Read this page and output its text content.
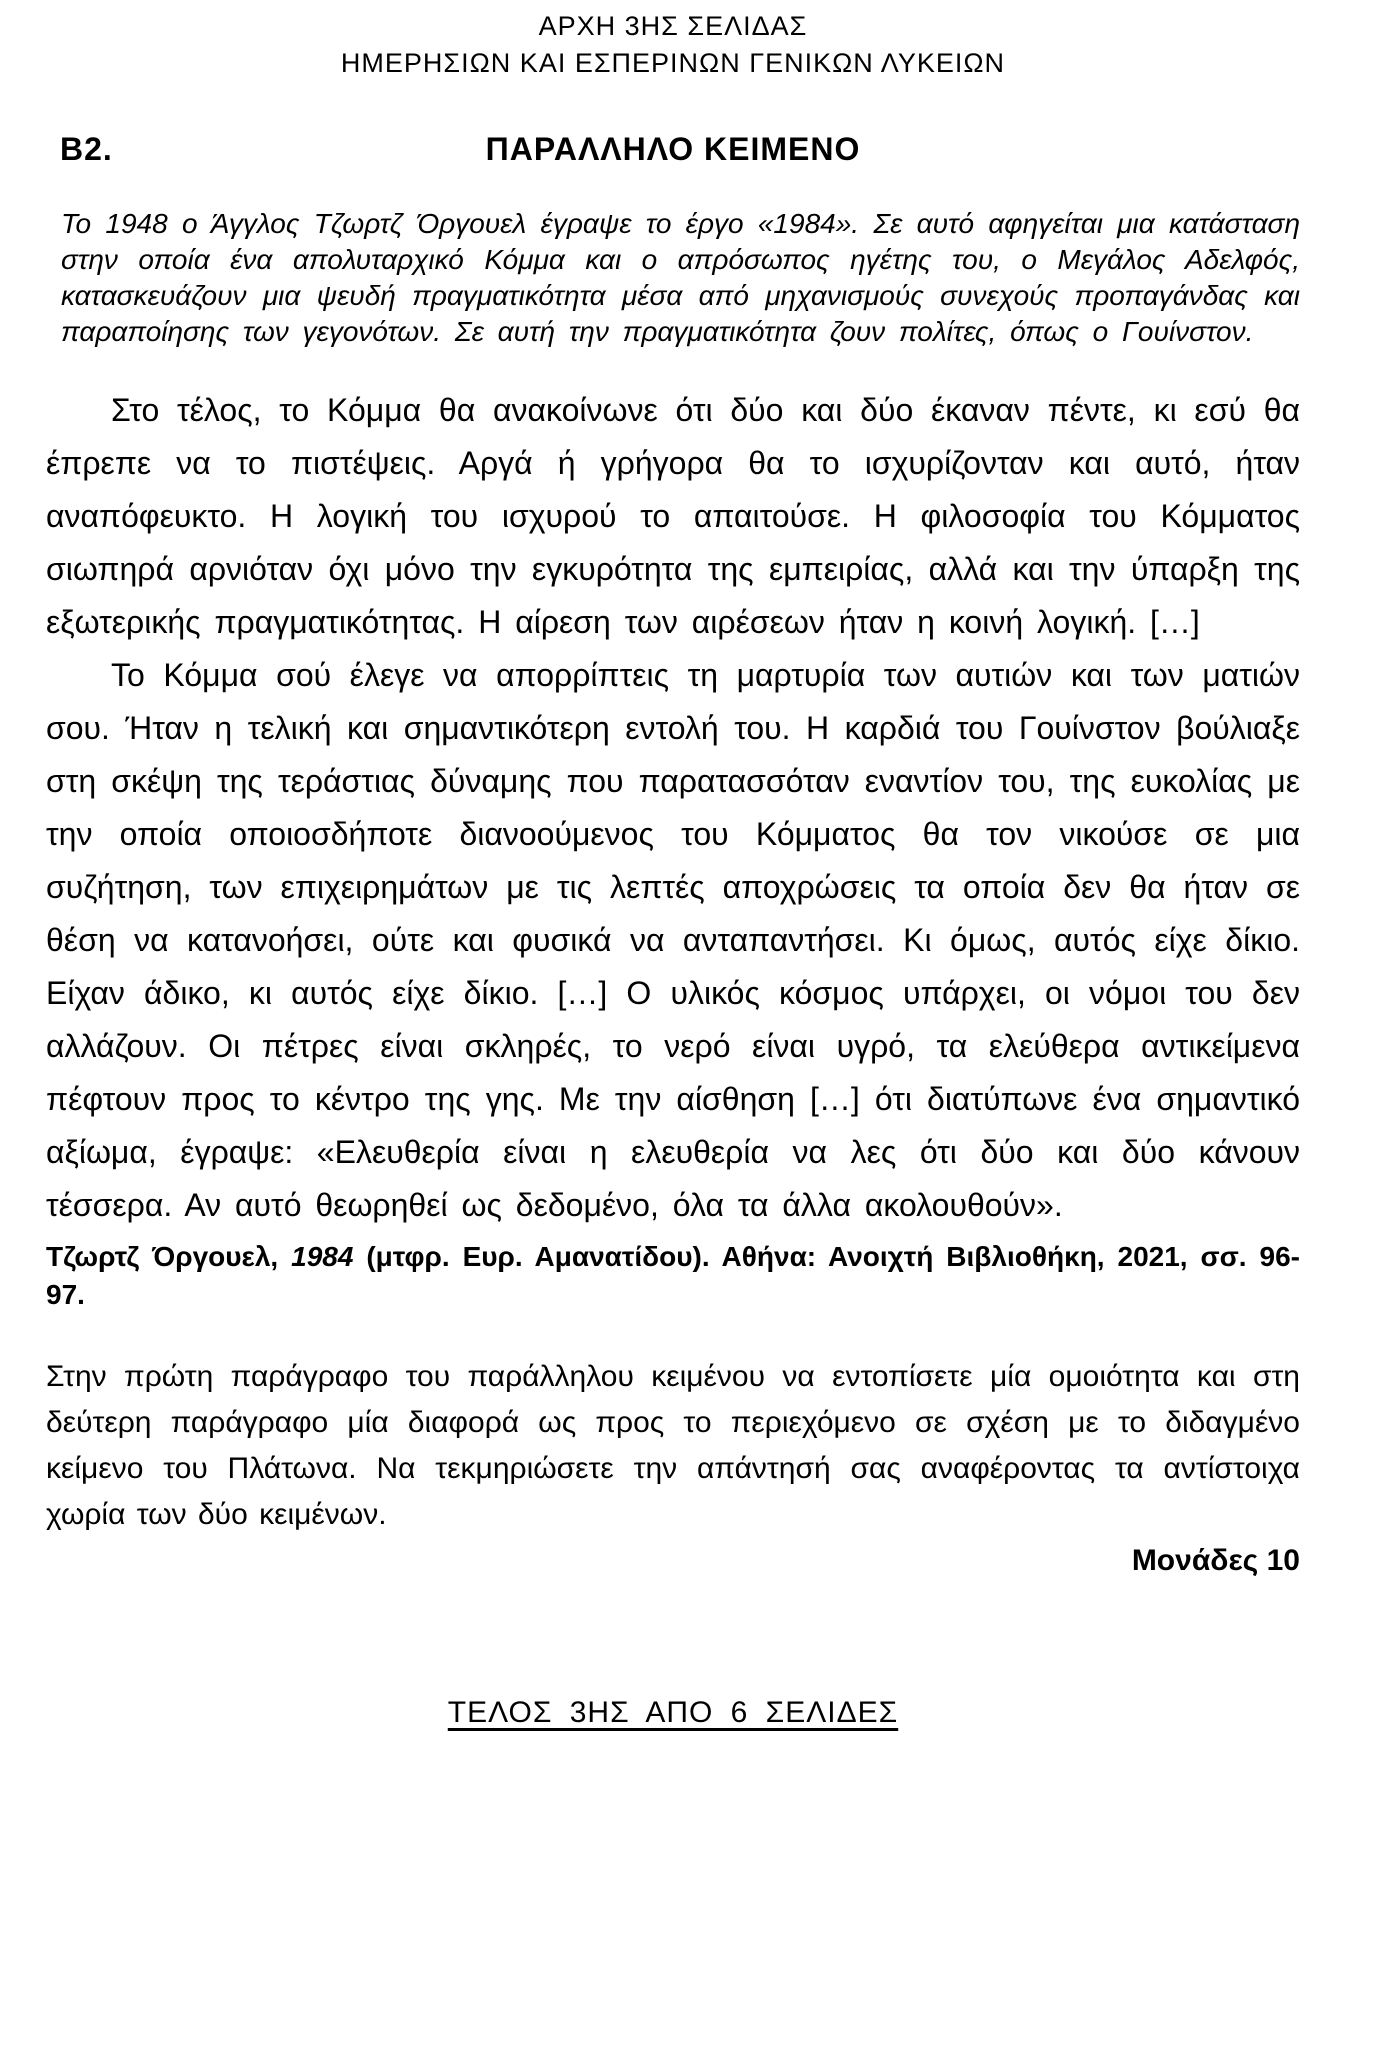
ΑΡΧΗ 3ΗΣ ΣΕΛΙΔΑΣ
ΗΜΕΡΗΣΙΩΝ ΚΑΙ ΕΣΠΕΡΙΝΩΝ ΓΕΝΙΚΩΝ ΛΥΚΕΙΩΝ
Β2.	ΠΑΡΑΛΛΗΛΟ ΚΕΙΜΕΝΟ

Το 1948 ο Άγγλος Τζωρτζ Όργουελ έγραψε το έργο «1984». Σε αυτό αφηγείται μια κατάσταση στην οποία ένα απολυταρχικό Κόμμα και ο απρόσωπος ηγέτης του, ο Μεγάλος Αδελφός, κατασκευάζουν μια ψευδή πραγματικότητα μέσα από μηχανισμούς συνεχούς προπαγάνδας και παραποίησης των γεγονότων. Σε αυτή την πραγματικότητα ζουν πολίτες, όπως ο Γουίνστον.

Στο τέλος, το Κόμμα θα ανακοίνωνε ότι δύο και δύο έκαναν πέντε, κι εσύ θα έπρεπε να το πιστέψεις. Αργά ή γρήγορα θα το ισχυρίζονταν και αυτό, ήταν αναπόφευκτο. Η λογική του ισχυρού το απαιτούσε. Η φιλοσοφία του Κόμματος σιωπηρά αρνιόταν όχι μόνο την εγκυρότητα της εμπειρίας, αλλά και την ύπαρξη της εξωτερικής πραγματικότητας. Η αίρεση των αιρέσεων ήταν η κοινή λογική. […]

Το Κόμμα σού έλεγε να απορρίπτεις τη μαρτυρία των αυτιών και των ματιών σου. Ήταν η τελική και σημαντικότερη εντολή του. Η καρδιά του Γουίνστον βούλιαξε στη σκέψη της τεράστιας δύναμης που παρατασσόταν εναντίον του, της ευκολίας με την οποία οποιοσδήποτε διανοούμενος του Κόμματος θα τον νικούσε σε μια συζήτηση, των επιχειρημάτων με τις λεπτές αποχρώσεις τα οποία δεν θα ήταν σε θέση να κατανοήσει, ούτε και φυσικά να ανταπαντήσει. Κι όμως, αυτός είχε δίκιο. Είχαν άδικο, κι αυτός είχε δίκιο. […] Ο υλικός κόσμος υπάρχει, οι νόμοι του δεν αλλάζουν. Οι πέτρες είναι σκληρές, το νερό είναι υγρό, τα ελεύθερα αντικείμενα πέφτουν προς το κέντρο της γης. Με την αίσθηση […] ότι διατύπωνε ένα σημαντικό αξίωμα, έγραψε: «Ελευθερία είναι η ελευθερία να λες ότι δύο και δύο κάνουν τέσσερα. Αν αυτό θεωρηθεί ως δεδομένο, όλα τα άλλα ακολουθούν».

Τζωρτζ Όργουελ, 1984 (μτφρ. Ευρ. Αμανατίδου). Αθήνα: Ανοιχτή Βιβλιοθήκη, 2021, σσ. 96-97.

Στην πρώτη παράγραφο του παράλληλου κειμένου να εντοπίσετε μία ομοιότητα και στη δεύτερη παράγραφο μία διαφορά ως προς το περιεχόμενο σε σχέση με το διδαγμένο κείμενο του Πλάτωνα. Να τεκμηριώσετε την απάντησή σας αναφέροντας τα αντίστοιχα χωρία των δύο κειμένων.

Μονάδες 10

ΤΕΛΟΣ 3ΗΣ ΑΠΟ 6 ΣΕΛΙΔΕΣ
